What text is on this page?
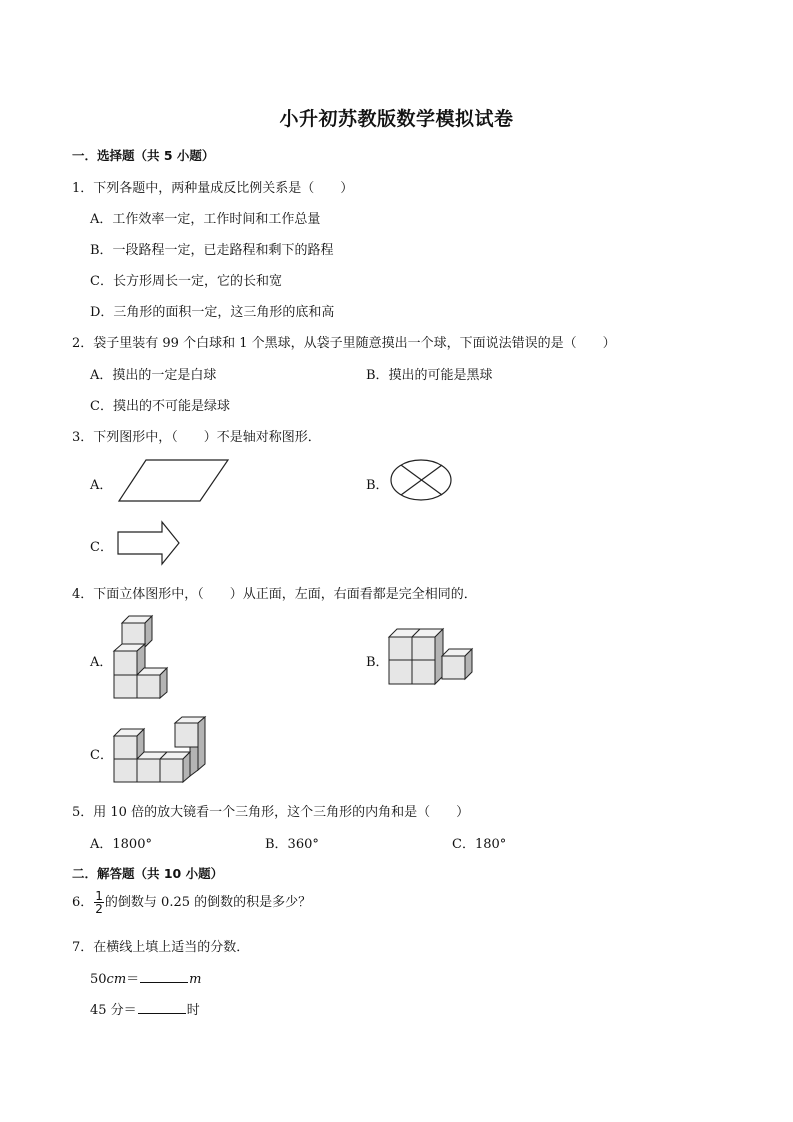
小升初苏教版数学模拟试卷
一．选择题（共 5 小题）
1．下列各题中，两种量成反比例关系是（　　）
A．工作效率一定，工作时间和工作总量
B．一段路程一定，已走路程和剩下的路程
C．长方形周长一定，它的长和宽
D．三角形的面积一定，这三角形的底和高
2．袋子里装有 99 个白球和 1 个黑球，从袋子里随意摸出一个球，下面说法错误的是（　　）
A．摸出的一定是白球	B．摸出的可能是黑球
C．摸出的不可能是绿球
3．下列图形中，（　　）不是轴对称图形．
A．	B．
C．
4．下面立体图形中，（　　）从正面，左面，右面看都是完全相同的．
A．	B．
C．
5．用 10 倍的放大镜看一个三角形，这个三角形的内角和是（　　）
A．1800°	B．360°	C．180°
二．解答题（共 10 小题）
6． $\frac{1}{2}$ 的倒数与 0.25 的倒数的积是多少？
7．在横线上填上适当的分数．
50cm＝	m
45 分＝	时
